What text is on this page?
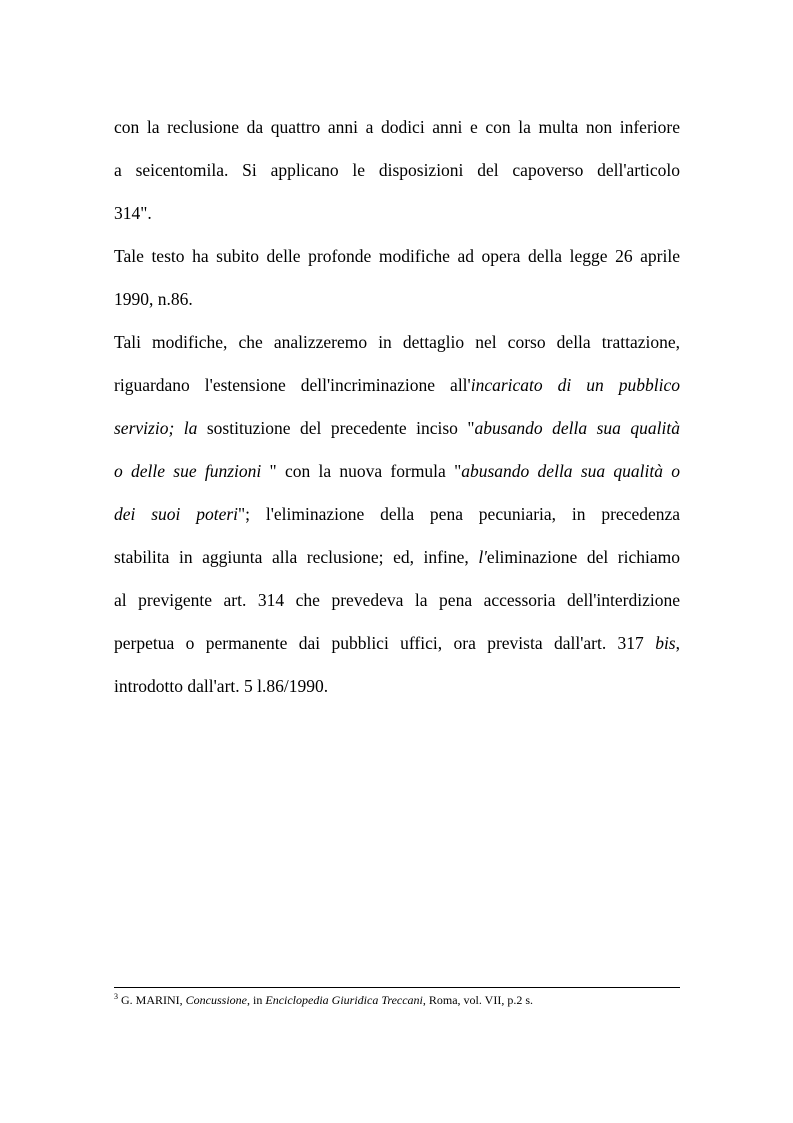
con la reclusione da quattro anni a dodici anni e con la multa non inferiore
a seicentomila. Si applicano le disposizioni del capoverso dell'articolo
314".
Tale testo ha subito delle profonde modifiche ad opera della legge 26 aprile
1990, n.86.
Tali modifiche, che analizzeremo in dettaglio nel corso della trattazione,
riguardano l'estensione dell'incriminazione all'incaricato di un pubblico
servizio; la sostituzione del precedente inciso "abusando della sua qualità
o delle sue funzioni " con la nuova formula "abusando della sua qualità o
dei suoi poteri"; l'eliminazione della pena pecuniaria, in precedenza
stabilita in aggiunta alla reclusione; ed, infine, l'eliminazione del richiamo
al previgente art. 314 che prevedeva la pena accessoria dell'interdizione
perpetua o permanente dai pubblici uffici, ora prevista dall'art. 317 bis,
introdotto dall'art. 5 l.86/1990.
$^3$ G. MARINI, Concussione, in Enciclopedia Giuridica Treccani, Roma, vol. VII, p.2 s.
